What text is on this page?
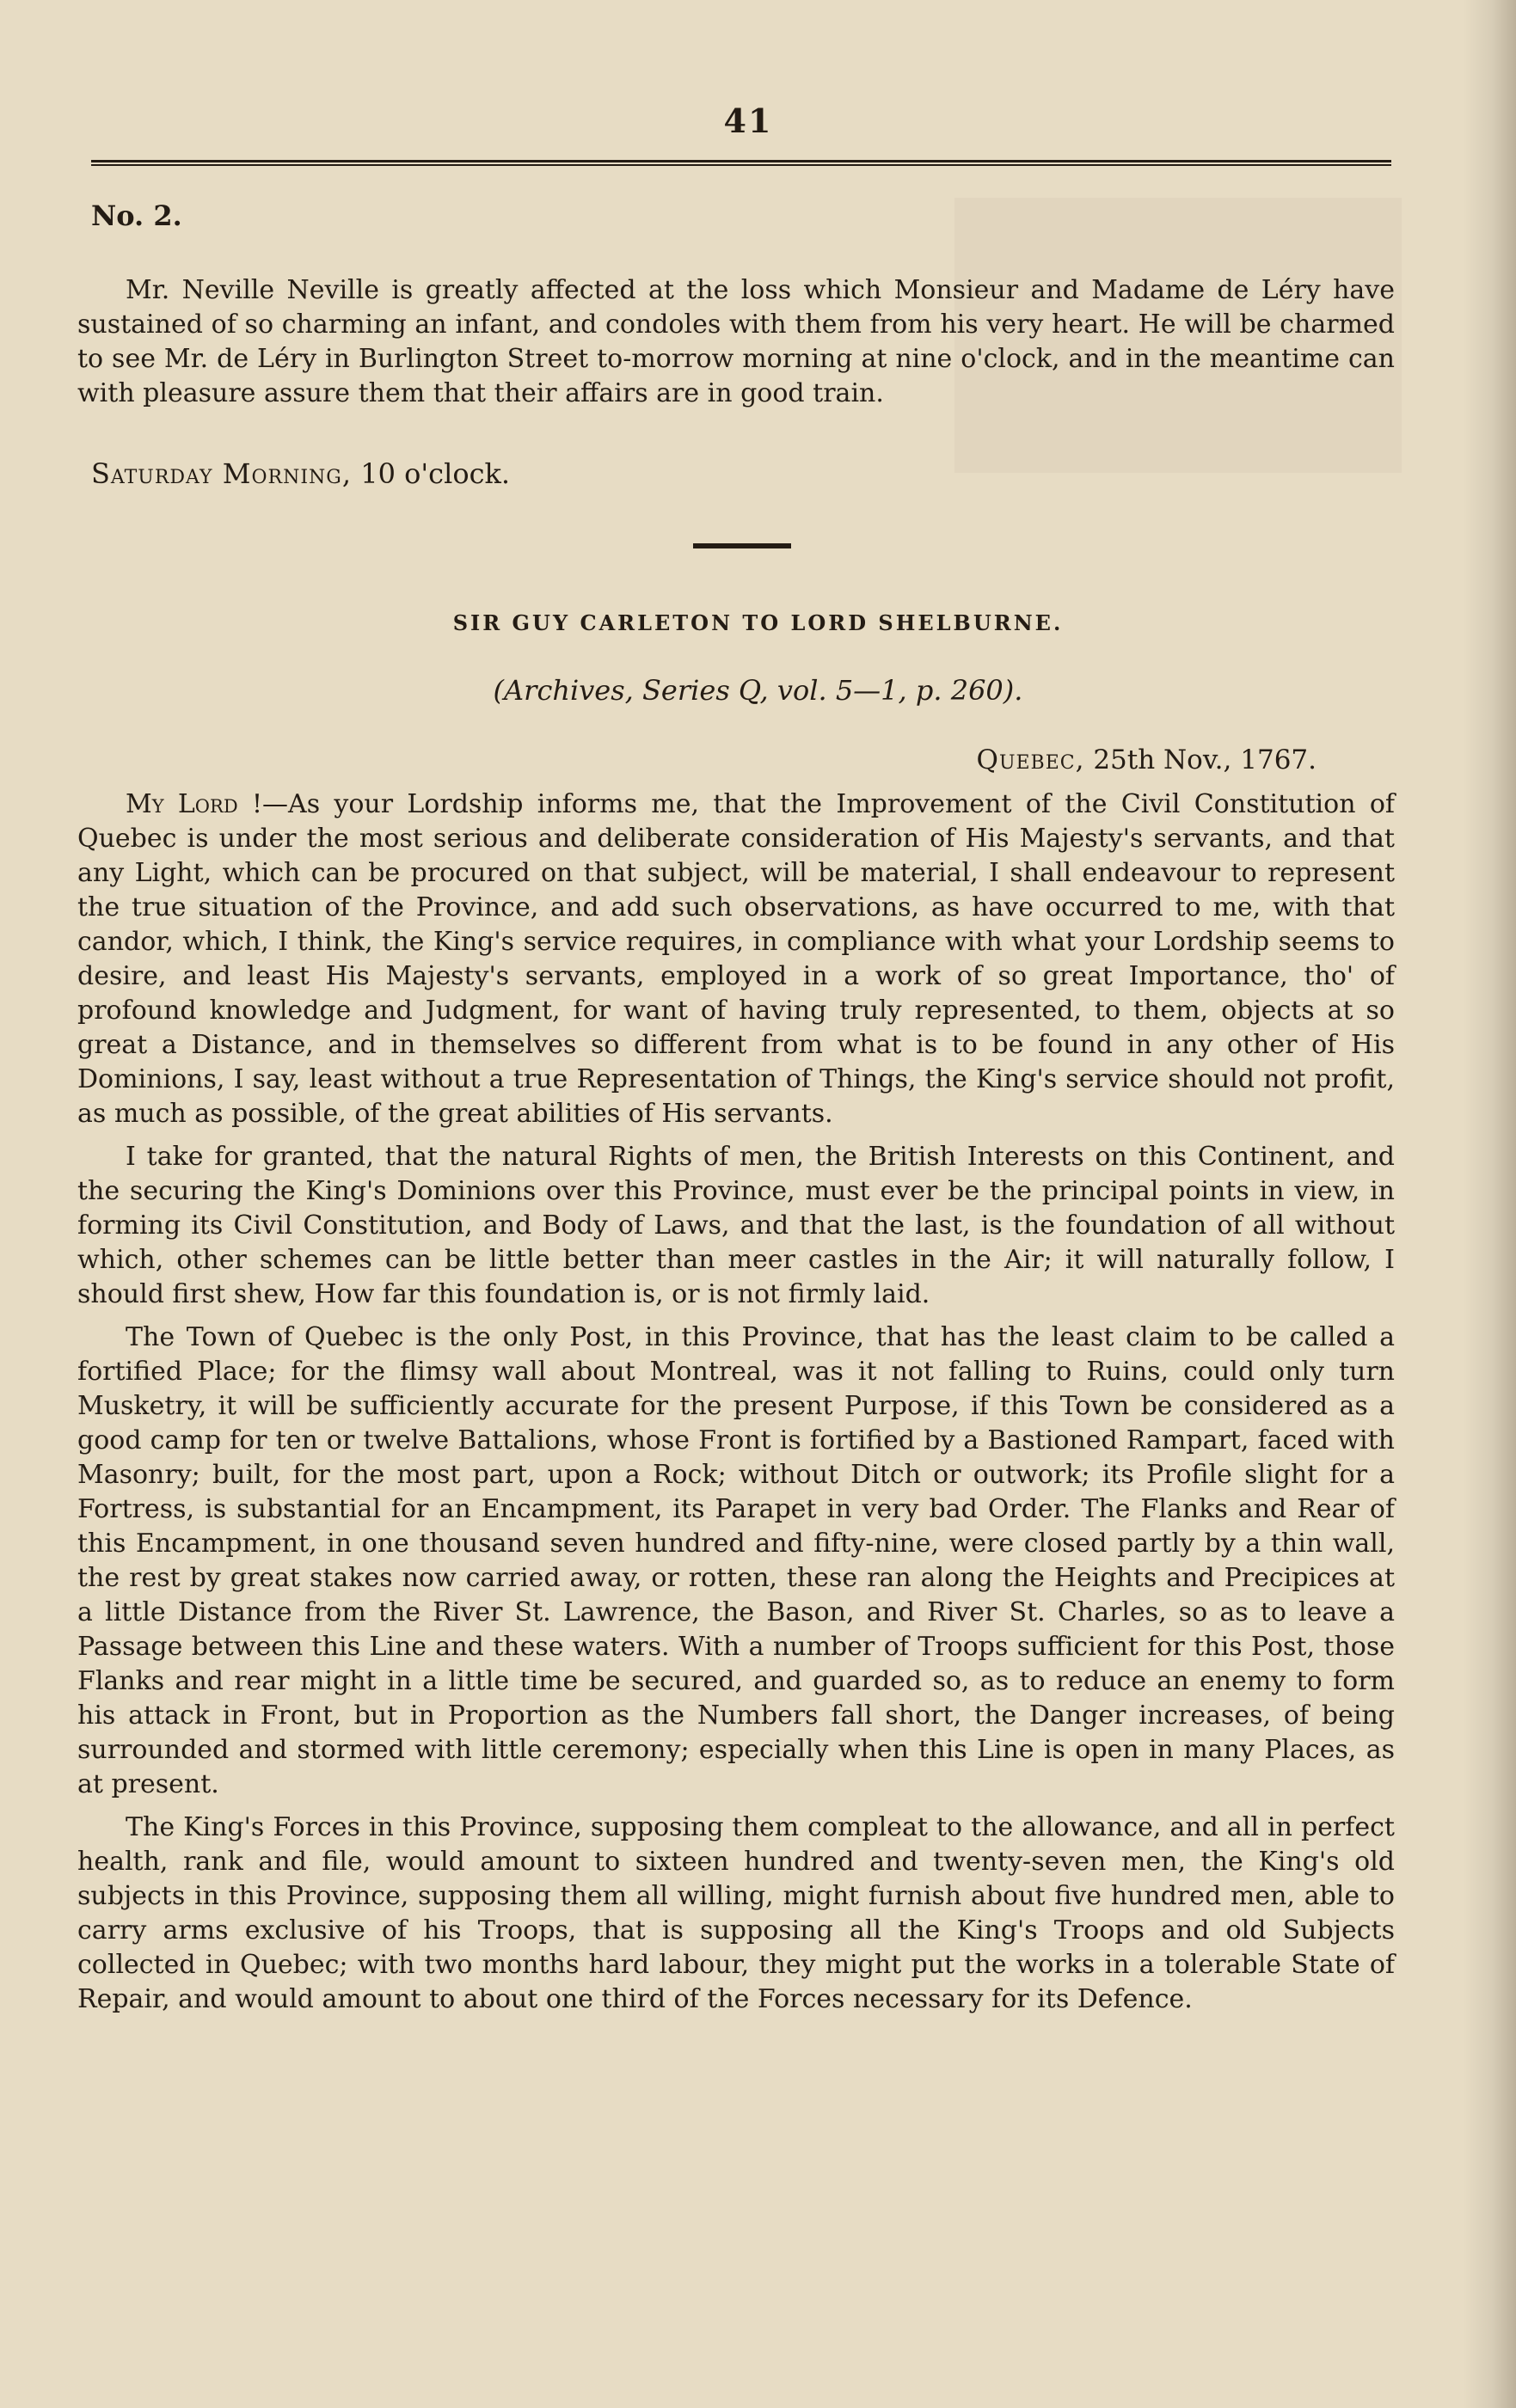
41
No. 2.

Mr. Neville Neville is greatly affected at the loss which Monsieur and Madame de Léry have sustained of so charming an infant, and condoles with them from his very heart. He will be charmed to see Mr. de Léry in Burlington Street to-morrow morning at nine o'clock, and in the meantime can with pleasure assure them that their affairs are in good train.

Saturday Morning, 10 o'clock.
SIR GUY CARLETON TO LORD SHELBURNE.
(Archives, Series Q, vol. 5—1, p. 260).
Quebec, 25th Nov., 1767.

My Lord !—As your Lordship informs me, that the Improvement of the Civil Constitution of Quebec is under the most serious and deliberate consideration of His Majesty's servants, and that any Light, which can be procured on that subject, will be material, I shall endeavour to represent the true situation of the Province, and add such observations, as have occurred to me, with that candor, which, I think, the King's service requires, in compliance with what your Lordship seems to desire, and least His Majesty's servants, employed in a work of so great Importance, tho' of profound knowledge and Judgment, for want of having truly represented, to them, objects at so great a Distance, and in themselves so different from what is to be found in any other of His Dominions, I say, least without a true Representation of Things, the King's service should not profit, as much as possible, of the great abilities of His servants.

I take for granted, that the natural Rights of men, the British Interests on this Continent, and the securing the King's Dominions over this Province, must ever be the principal points in view, in forming its Civil Constitution, and Body of Laws, and that the last, is the foundation of all without which, other schemes can be little better than meer castles in the Air; it will naturally follow, I should first shew, How far this foundation is, or is not firmly laid.

The Town of Quebec is the only Post, in this Province, that has the least claim to be called a fortified Place; for the flimsy wall about Montreal, was it not falling to Ruins, could only turn Musketry, it will be sufficiently accurate for the present Purpose, if this Town be considered as a good camp for ten or twelve Battalions, whose Front is fortified by a Bastioned Rampart, faced with Masonry; built, for the most part, upon a Rock; without Ditch or outwork; its Profile slight for a Fortress, is substantial for an Encampment, its Parapet in very bad Order. The Flanks and Rear of this Encampment, in one thousand seven hundred and fifty-nine, were closed partly by a thin wall, the rest by great stakes now carried away, or rotten, these ran along the Heights and Precipices at a little Distance from the River St. Lawrence, the Bason, and River St. Charles, so as to leave a Passage between this Line and these waters. With a number of Troops sufficient for this Post, those Flanks and rear might in a little time be secured, and guarded so, as to reduce an enemy to form his attack in Front, but in Proportion as the Numbers fall short, the Danger increases, of being surrounded and stormed with little ceremony; especially when this Line is open in many Places, as at present.

The King's Forces in this Province, supposing them compleat to the allowance, and all in perfect health, rank and file, would amount to sixteen hundred and twenty-seven men, the King's old subjects in this Province, supposing them all willing, might furnish about five hundred men, able to carry arms exclusive of his Troops, that is supposing all the King's Troops and old Subjects collected in Quebec; with two months hard labour, they might put the works in a tolerable State of Repair, and would amount to about one third of the Forces necessary for its Defence.
